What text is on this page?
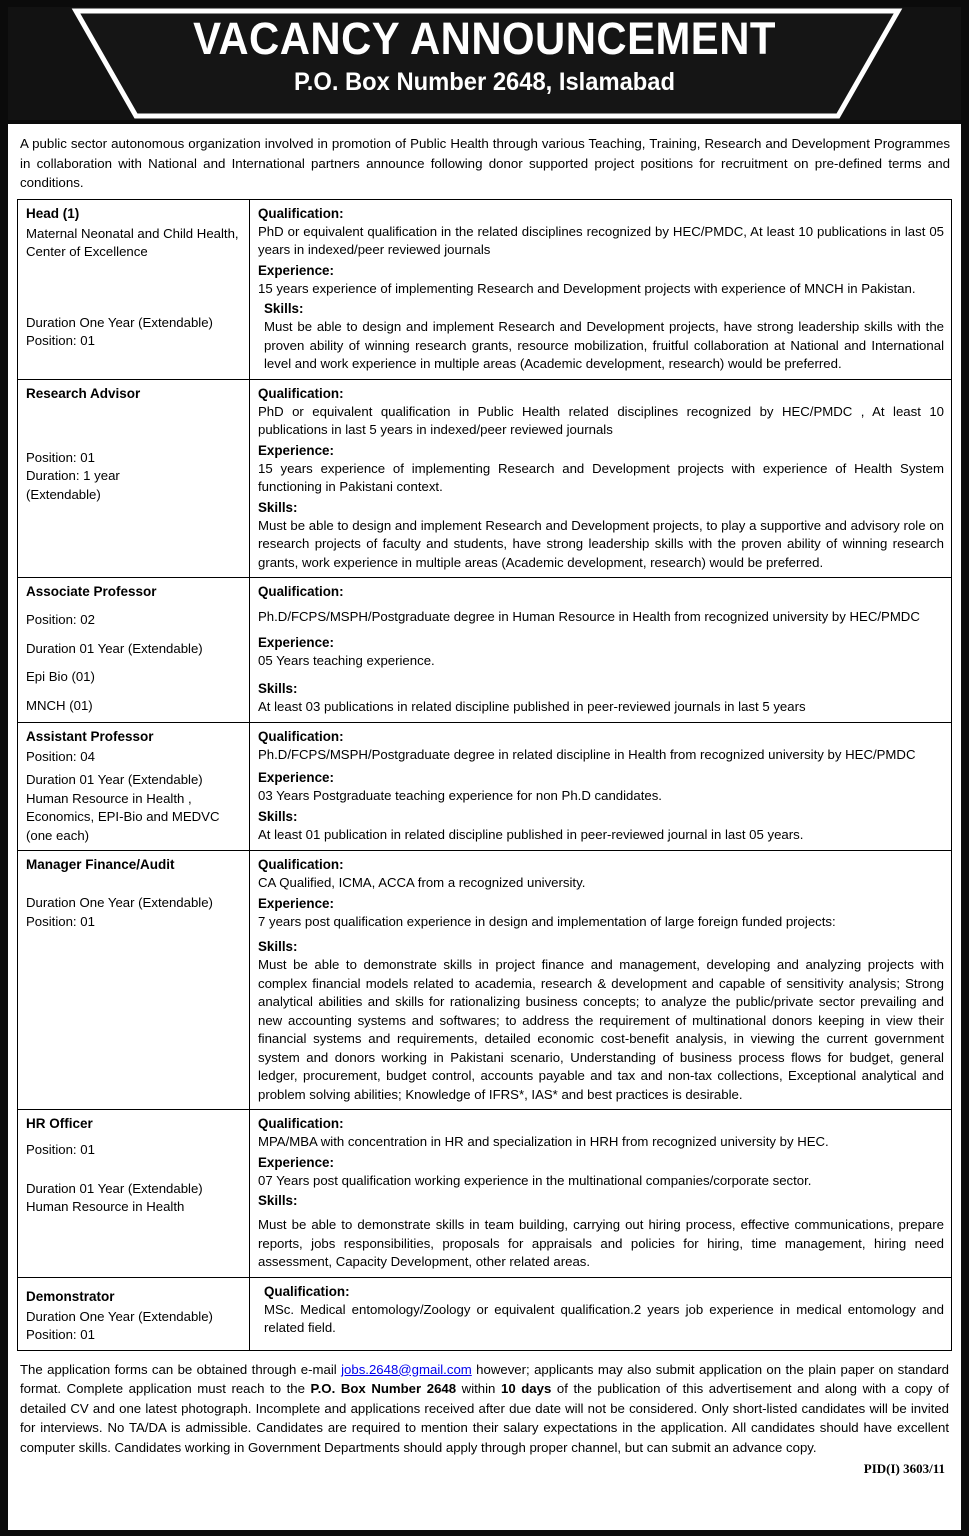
VACANCY ANNOUNCEMENT
P.O. Box Number 2648, Islamabad
A public sector autonomous organization involved in promotion of Public Health through various Teaching, Training, Research and Development Programmes in collaboration with National and International partners announce following donor supported project positions for recruitment on pre-defined terms and conditions.
Head (1)
Maternal Neonatal and Child Health, Center of Excellence
Duration One Year (Extendable)
Position: 01

Qualification:
PhD or equivalent qualification in the related disciplines recognized by HEC/PMDC, At least 10 publications in last 05 years in indexed/peer reviewed journals
Experience:
15 years experience of implementing Research and Development projects with experience of MNCH in Pakistan.
Skills:
Must be able to design and implement Research and Development projects, have strong leadership skills with the proven ability of winning research grants, resource mobilization, fruitful collaboration at National and International level and work experience in multiple areas (Academic development, research) would be preferred.

Research Advisor
Position: 01
Duration: 1 year
(Extendable)

Qualification:
PhD or equivalent qualification in Public Health related disciplines recognized by HEC/PMDC , At least 10 publications in last 5 years in indexed/peer reviewed journals
Experience:
15 years experience of implementing Research and Development projects with experience of Health System functioning in Pakistani context.
Skills:
Must be able to design and implement Research and Development projects, to play a supportive and advisory role on research projects of faculty and students, have strong leadership skills with the proven ability of winning research grants, work experience in multiple areas (Academic development, research) would be preferred.

Associate Professor
Position: 02
Duration 01 Year (Extendable)
Epi Bio (01)
MNCH (01)

Qualification:
Ph.D/FCPS/MSPH/Postgraduate degree in Human Resource in Health from recognized university by HEC/PMDC
Experience:
05 Years teaching experience.
Skills:
At least 03 publications in related discipline published in peer-reviewed journals in last 5 years

Assistant Professor
Position: 04
Duration 01 Year (Extendable)
Human Resource in Health , Economics, EPI-Bio and MEDVC (one each)

Qualification:
Ph.D/FCPS/MSPH/Postgraduate degree in related discipline in Health from recognized university by HEC/PMDC
Experience:
03 Years Postgraduate teaching experience for non Ph.D candidates.
Skills:
At least 01 publication in related discipline published in peer-reviewed journal in last 05 years.

Manager Finance/Audit
Duration One Year (Extendable)
Position: 01

Qualification:
CA Qualified, ICMA, ACCA from a recognized university.
Experience:
7 years post qualification experience in design and implementation of large foreign funded projects:
Skills:
Must be able to demonstrate skills in project finance and management, developing and analyzing projects with complex financial models related to academia, research & development and capable of sensitivity analysis; Strong analytical abilities and skills for rationalizing business concepts; to analyze the public/private sector prevailing and new accounting systems and softwares; to address the requirement of multinational donors keeping in view their financial systems and requirements, detailed economic cost-benefit analysis, in viewing the current government system and donors working in Pakistani scenario, Understanding of business process flows for budget, general ledger, procurement, budget control, accounts payable and tax and non-tax collections, Exceptional analytical and problem solving abilities; Knowledge of IFRS*, IAS* and best practices is desirable.

HR Officer
Position: 01
Duration 01 Year (Extendable)
Human Resource in Health

Qualification:
MPA/MBA with concentration in HR and specialization in HRH from recognized university by HEC.
Experience:
07 Years post qualification working experience in the multinational companies/corporate sector.
Skills:
Must be able to demonstrate skills in team building, carrying out hiring process, effective communications, prepare reports, jobs responsibilities, proposals for appraisals and policies for hiring, time management, hiring need assessment, Capacity Development, other related areas.

Demonstrator
Duration One Year (Extendable)
Position: 01

Qualification:
MSc. Medical entomology/Zoology or equivalent qualification.2 years job experience in medical entomology and related field.
The application forms can be obtained through e-mail jobs.2648@gmail.com however; applicants may also submit application on the plain paper on standard format. Complete application must reach to the P.O. Box Number 2648 within 10 days of the publication of this advertisement and along with a copy of detailed CV and one latest photograph. Incomplete and applications received after due date will not be considered. Only short-listed candidates will be invited for interviews. No TA/DA is admissible. Candidates are required to mention their salary expectations in the application. All candidates should have excellent computer skills. Candidates working in Government Departments should apply through proper channel, but can submit an advance copy.
PID(I) 3603/11
